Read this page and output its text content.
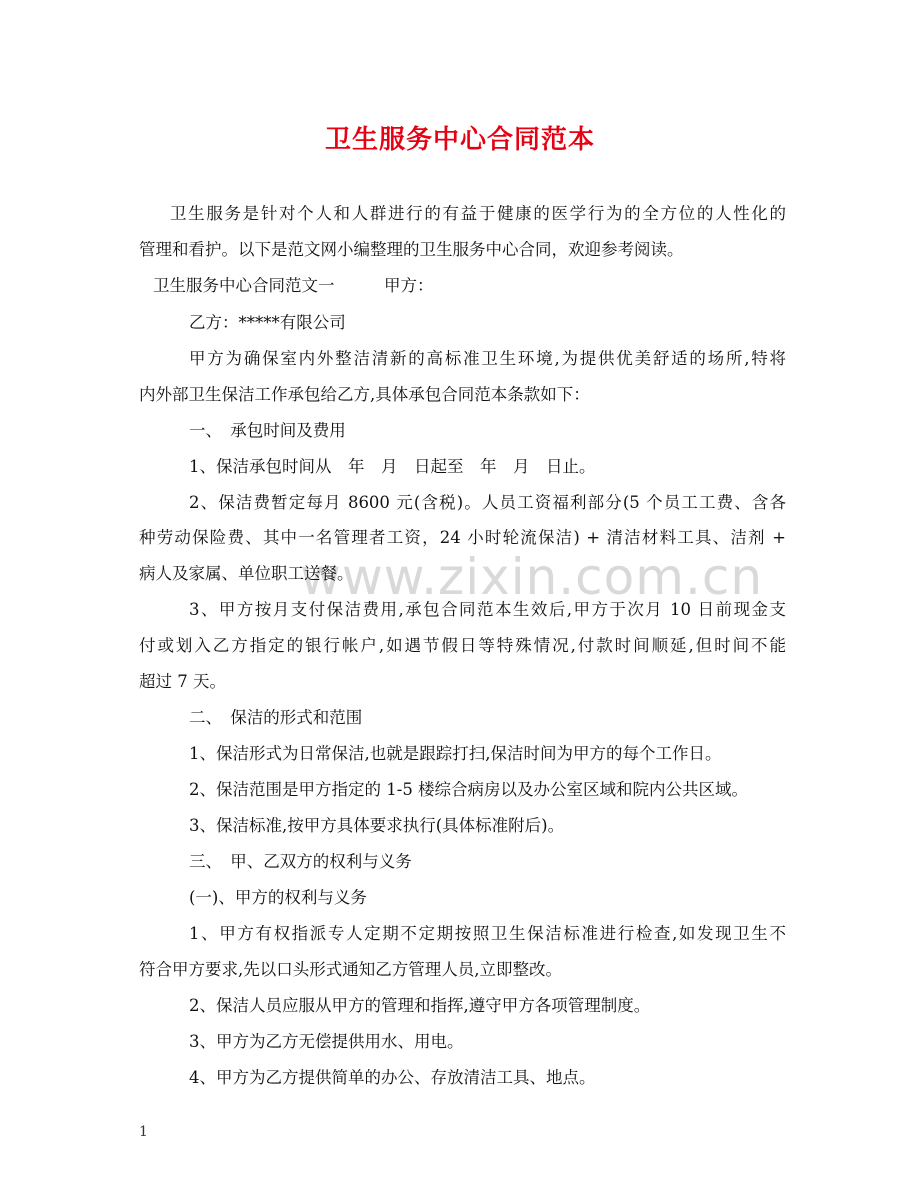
www.zixin.com.cn
卫生服务中心合同范本
卫生服务是针对个人和人群进行的有益于健康的医学行为的全方位的人性化的
管理和看护。以下是范文网小编整理的卫生服务中心合同，欢迎参考阅读。
卫生服务中心合同范文一　　　甲方：
乙方：*****有限公司
甲方为确保室内外整洁清新的高标准卫生环境,为提供优美舒适的场所,特将
内外部卫生保洁工作承包给乙方,具体承包合同范本条款如下：
一、　承包时间及费用
1、保洁承包时间从　年　月　日起至　年　月　日止。
2、保洁费暂定每月 8600 元(含税)。人员工资福利部分(5 个员工工费、含各
种劳动保险费、其中一名管理者工资，24 小时轮流保洁) + 清洁材料工具、洁剂 +
病人及家属、单位职工送餐。
3、甲方按月支付保洁费用,承包合同范本生效后,甲方于次月 10 日前现金支
付或划入乙方指定的银行帐户,如遇节假日等特殊情况,付款时间顺延,但时间不能
超过 7 天。
二、　保洁的形式和范围
1、保洁形式为日常保洁,也就是跟踪打扫,保洁时间为甲方的每个工作日。
2、保洁范围是甲方指定的 1-5 楼综合病房以及办公室区域和院内公共区域。
3、保洁标准,按甲方具体要求执行(具体标准附后)。
三、　甲、乙双方的权利与义务
(一)、甲方的权利与义务
1、甲方有权指派专人定期不定期按照卫生保洁标准进行检查,如发现卫生不
符合甲方要求,先以口头形式通知乙方管理人员,立即整改。
2、保洁人员应服从甲方的管理和指挥,遵守甲方各项管理制度。
3、甲方为乙方无偿提供用水、用电。
4、甲方为乙方提供简单的办公、存放清洁工具、地点。
1
